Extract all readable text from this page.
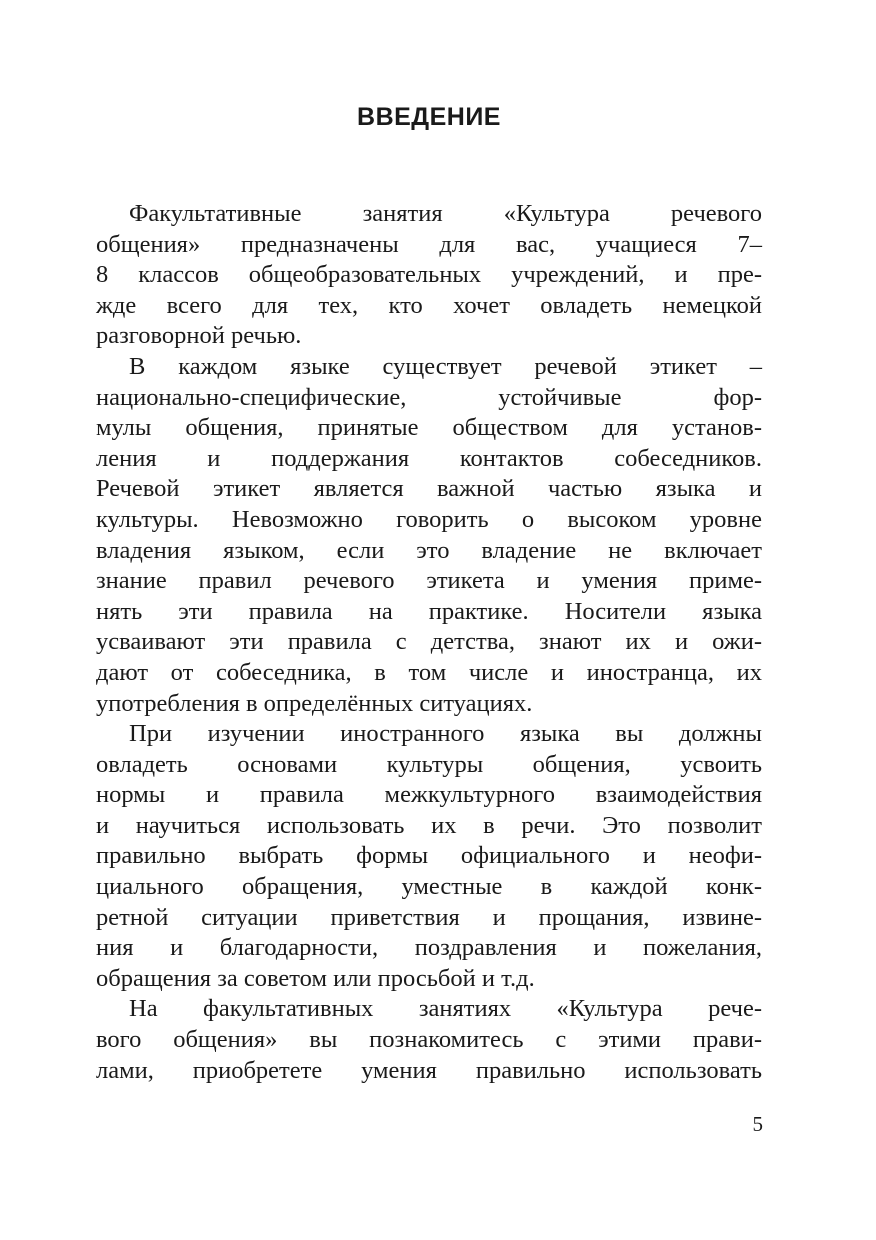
ВВЕДЕНИЕ
Факультативные занятия «Культура речевого
общения» предназначены для вас, учащиеся 7–
8 классов общеобразовательных учреждений, и пре-
жде всего для тех, кто хочет овладеть немецкой
разговорной речью.
В каждом языке существует речевой этикет –
национально-специфические, устойчивые фор-
мулы общения, принятые обществом для установ-
ления и поддержания контактов собеседников.
Речевой этикет является важной частью языка и
культуры. Невозможно говорить о высоком уровне
владения языком, если это владение не включает
знание правил речевого этикета и умения приме-
нять эти правила на практике. Носители языка
усваивают эти правила с детства, знают их и ожи-
дают от собеседника, в том числе и иностранца, их
употребления в определённых ситуациях.
При изучении иностранного языка вы должны
овладеть основами культуры общения, усвоить
нормы и правила межкультурного взаимодействия
и научиться использовать их в речи. Это позволит
правильно выбрать формы официального и неофи-
циального обращения, уместные в каждой конк-
ретной ситуации приветствия и прощания, извине-
ния и благодарности, поздравления и пожелания,
обращения за советом или просьбой и т.д.
На факультативных занятиях «Культура рече-
вого общения» вы познакомитесь с этими прави-
лами, приобретете умения правильно использовать
5
